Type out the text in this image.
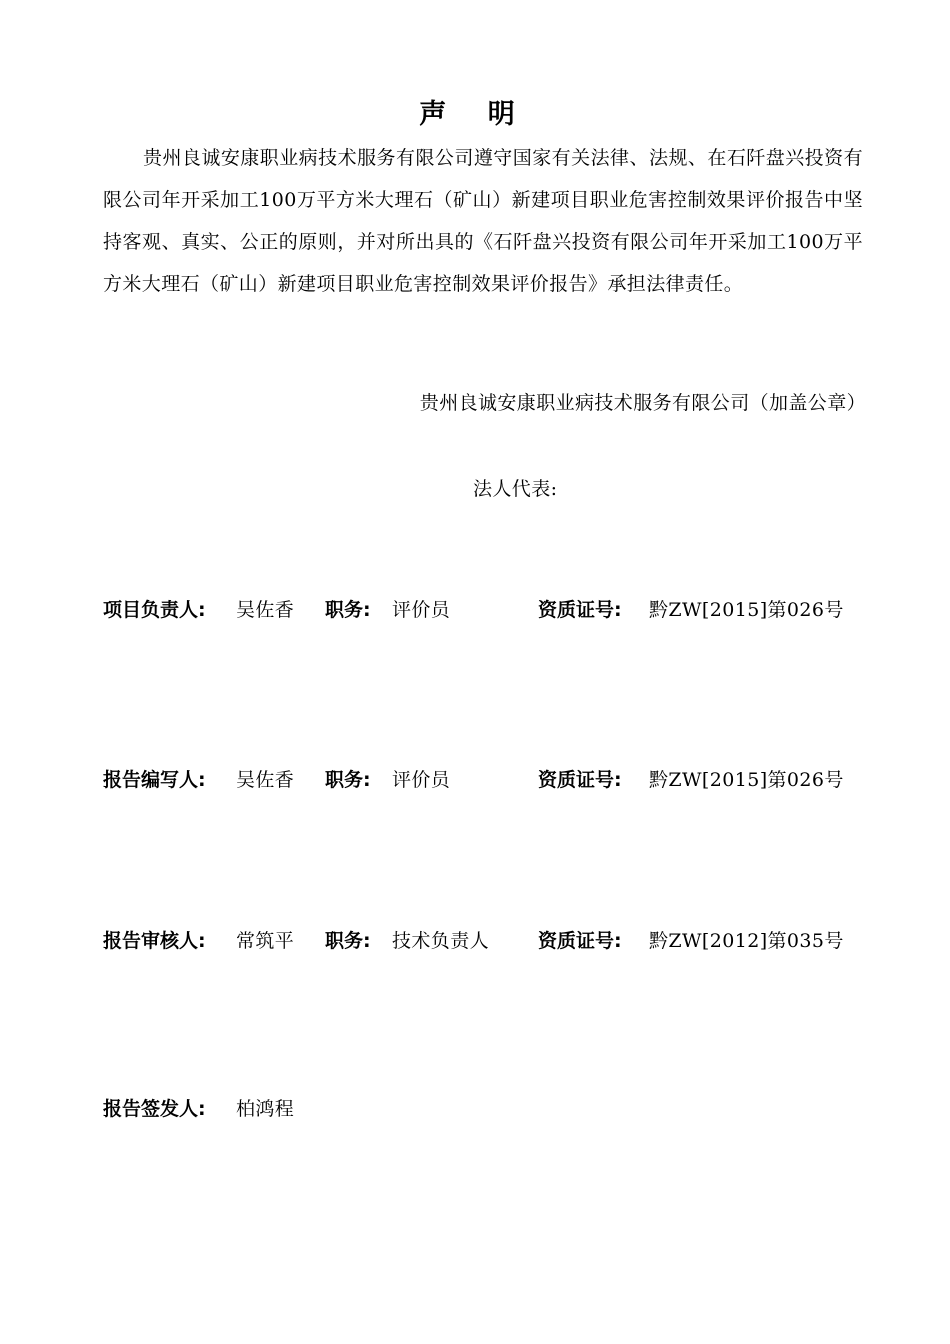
声 明

贵州良诚安康职业病技术服务有限公司遵守国家有关法律、法规、在石阡盘兴投资有限公司年开采加工100万平方米大理石（矿山）新建项目职业危害控制效果评价报告中坚持客观、真实、公正的原则，并对所出具的《石阡盘兴投资有限公司年开采加工100万平方米大理石（矿山）新建项目职业危害控制效果评价报告》承担法律责任。

贵州良诚安康职业病技术服务有限公司（加盖公章）
法人代表:
项目负责人: 吴佐香 职务: 评价员	资质证号: 黔ZW[2015]第026号
报告编写人: 吴佐香 职务: 评价员	资质证号: 黔ZW[2015]第026号
报告审核人: 常筑平 职务: 技术负责人	资质证号: 黔ZW[2012]第035号
报告签发人: 柏鸿程
